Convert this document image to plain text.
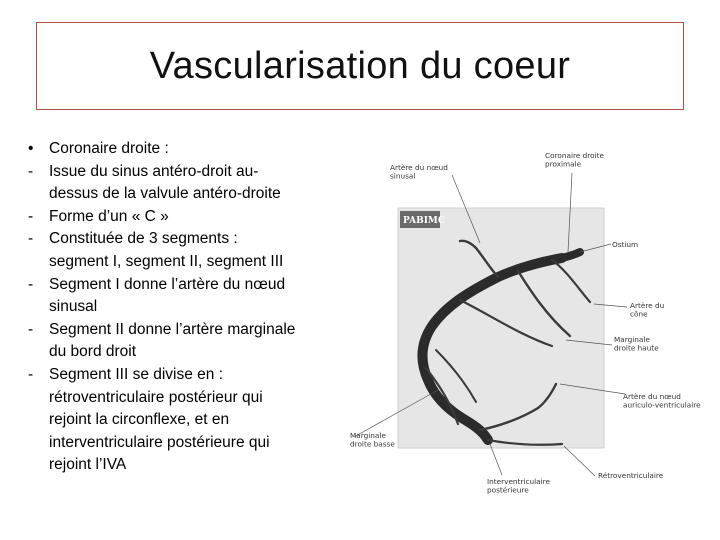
Vascularisation du coeur
•	Coronaire droite :
-	Issue du sinus antéro-droit au-
dessus de la valvule antéro-droite
-	Forme d’un « C »
-	Constituée de 3 segments :
segment I, segment II, segment III
-	Segment I donne l’artère du nœud
sinusal
-	Segment II donne l’artère marginale
du bord droit
-	Segment III se divise en :
rétroventriculaire postérieur qui
rejoint la circonflexe, et en
interventriculaire postérieure qui
rejoint l’IVA
PABIMC
Artère du nœud sinusal
Coronaire droite proximale
Ostium
Artère du cône
Marginale droite haute
Artère du nœud auriculo-ventriculaire
Marginale droite basse
Interventriculaire postérieure
Rétroventriculaire
